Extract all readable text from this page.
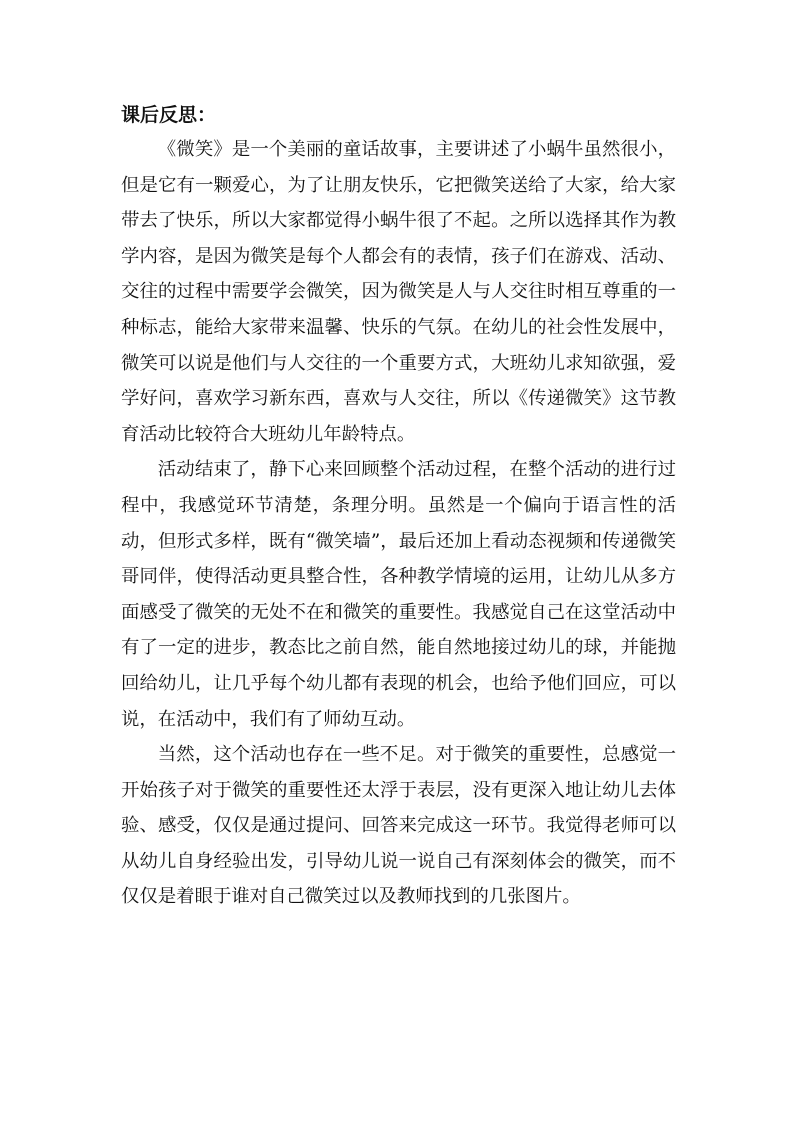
课后反思：

《微笑》是一个美丽的童话故事，主要讲述了小蜗牛虽然很小，但是它有一颗爱心，为了让朋友快乐，它把微笑送给了大家，给大家带去了快乐，所以大家都觉得小蜗牛很了不起。之所以选择其作为教学内容，是因为微笑是每个人都会有的表情，孩子们在游戏、活动、交往的过程中需要学会微笑，因为微笑是人与人交往时相互尊重的一种标志，能给大家带来温馨、快乐的气氛。在幼儿的社会性发展中，微笑可以说是他们与人交往的一个重要方式，大班幼儿求知欲强，爱学好问，喜欢学习新东西，喜欢与人交往，所以《传递微笑》这节教育活动比较符合大班幼儿年龄特点。

活动结束了，静下心来回顾整个活动过程，在整个活动的进行过程中，我感觉环节清楚，条理分明。虽然是一个偏向于语言性的活动，但形式多样，既有“微笑墙”，最后还加上看动态视频和传递微笑哥同伴，使得活动更具整合性，各种教学情境的运用，让幼儿从多方面感受了微笑的无处不在和微笑的重要性。我感觉自己在这堂活动中有了一定的进步，教态比之前自然，能自然地接过幼儿的球，并能抛回给幼儿，让几乎每个幼儿都有表现的机会，也给予他们回应，可以说，在活动中，我们有了师幼互动。

当然，这个活动也存在一些不足。对于微笑的重要性，总感觉一开始孩子对于微笑的重要性还太浮于表层，没有更深入地让幼儿去体验、感受，仅仅是通过提问、回答来完成这一环节。我觉得老师可以从幼儿自身经验出发，引导幼儿说一说自己有深刻体会的微笑，而不仅仅是着眼于谁对自己微笑过以及教师找到的几张图片。
